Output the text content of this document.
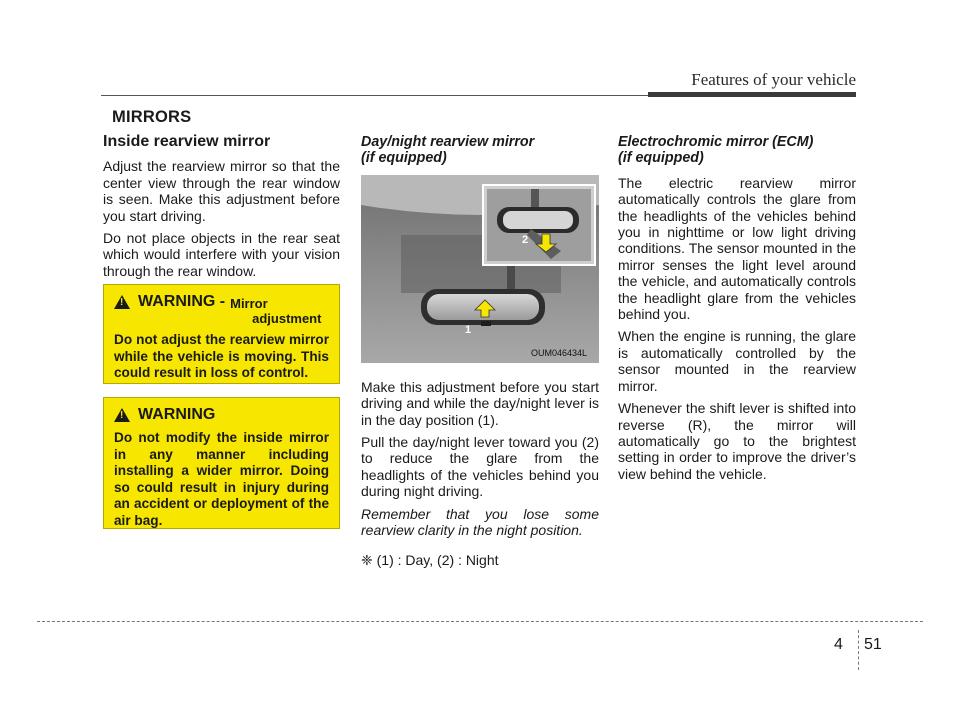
Features of your vehicle
MIRRORS
Inside rearview mirror

Adjust the rearview mirror so that the center view through the rear window is seen. Make this adjustment before you start driving.

Do not place objects in the rear seat which would interfere with your vision through the rear window.

!
WARNING - Mirror
adjustment
Do not adjust the rearview mirror while the vehicle is moving. This could result in loss of control.
!
WARNING
Do not modify the inside mirror in any manner including installing a wider mirror. Doing so could result in injury during an accident or deployment of the air bag.
Day/night rearview mirror
(if equipped)
2
1
OUM046434L

Make this adjustment before you start driving and while the day/night lever is in the day position (1).

Pull the day/night lever toward you (2) to reduce the glare from the headlights of the vehicles behind you during night driving.

Remember that you lose some rearview clarity in the night position.

❈ (1) : Day, (2) : Night

Electrochromic mirror (ECM)
(if equipped)

The electric rearview mirror automatically controls the glare from the headlights of the vehicles behind you in nighttime or low light driving conditions. The sensor mounted in the mirror senses the light level around the vehicle, and automatically controls the headlight glare from the vehicles behind you.

When the engine is running, the glare is automatically controlled by the sensor mounted in the rearview mirror.

Whenever the shift lever is shifted into reverse (R), the mirror will automatically go to the brightest setting in order to improve the driver’s view behind the vehicle.

4 51
